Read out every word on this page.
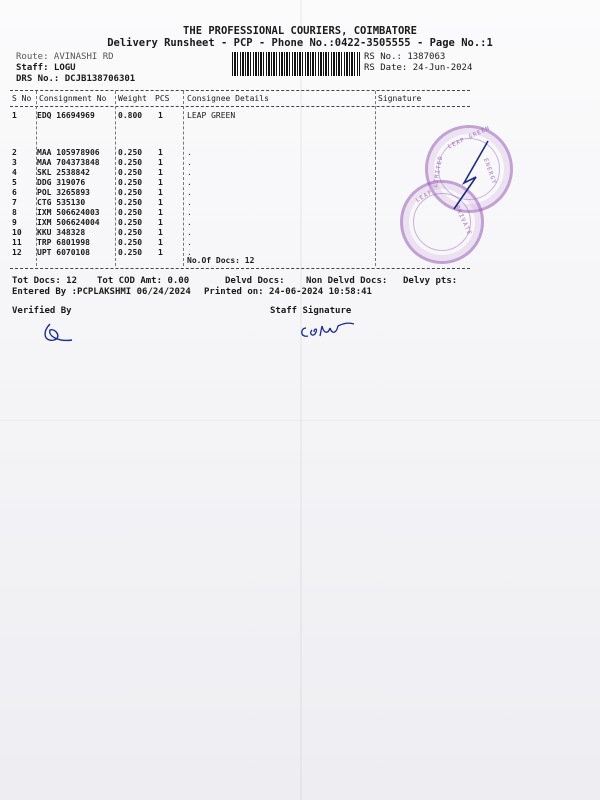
THE PROFESSIONAL COURIERS, COIMBATORE
Delivery Runsheet - PCP - Phone No.:0422-3505555 - Page No.:1
Route: AVINASHI RD
Staff: LOGU
DRS No.: DCJB138706301
RS No.: 1387063
RS Date: 24-Jun-2024
S No Consignment No Weight PCS Consignee Details	Signature
1	EDQ 16694969	0.800 1	LEAP GREEN
2	MAA 105978906 0.250 1	.
3	MAA 704373848 0.250 1	.
4	SKL 2538842	0.250 1	.
5	DDG 319076	0.250 1	.
6	POL 3265893	0.250 1	.
7	CTG 535130	0.250 1	.
8	IXM 506624003 0.250 1	.
9	IXM 506624004 0.250 1	.
10 KKU 348328	0.250 1	.
11 TRP 6801998	0.250 1	.
12 UPT 6070108	0.250 1	.
No.Of Docs: 12
LEAP GREEN
ENERGY
LIMITED
LEAP
PRIVATE
Tot Docs: 12 Tot COD Amt: 0.00	Delvd Docs: Non Delvd Docs: Delvy pts:
Entered By :PCPLAKSHMI 06/24/2024 Printed on: 24-06-2024 10:58:41
Verified By	Staff Signature
